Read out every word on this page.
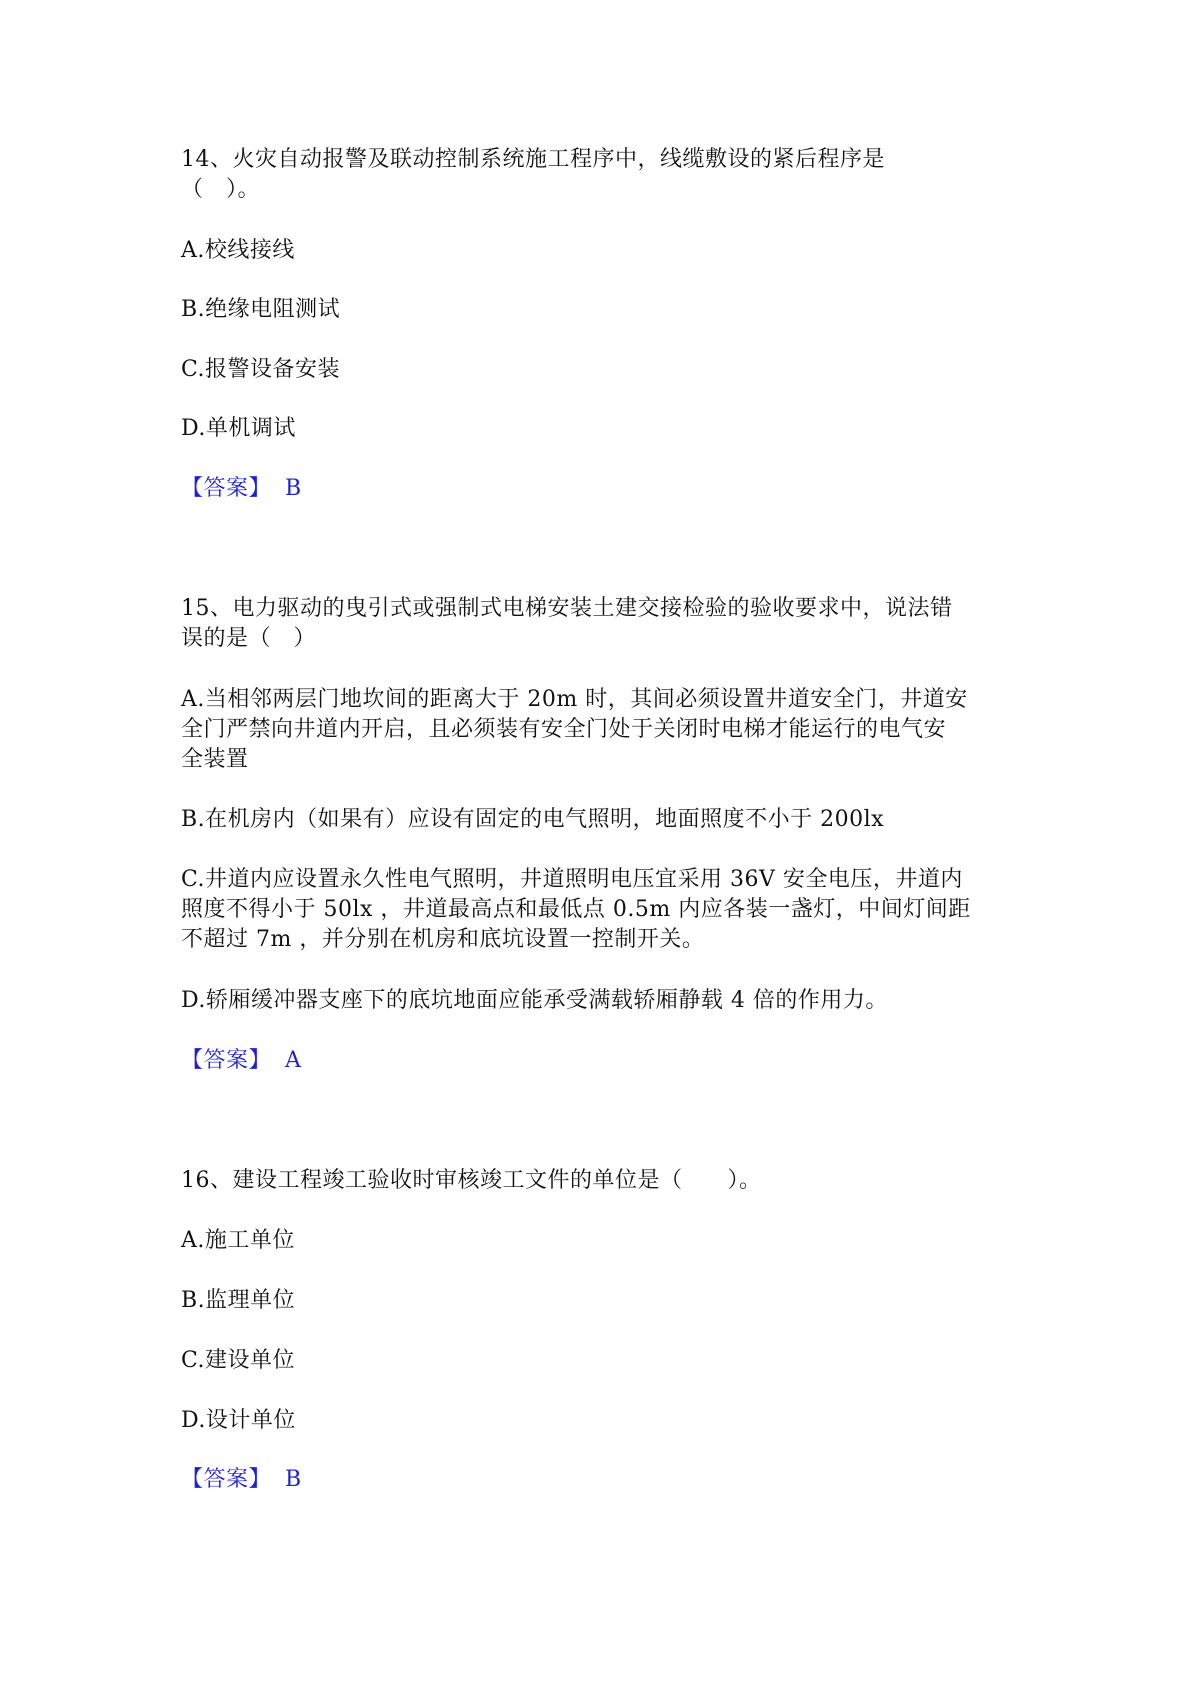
14、火灾自动报警及联动控制系统施工程序中，线缆敷设的紧后程序是

（　）。

A.校线接线

B.绝缘电阻测试

C.报警设备安装

D.单机调试

【答案】 B

15、电力驱动的曳引式或强制式电梯安装土建交接检验的验收要求中，说法错

误的是（　）

A.当相邻两层门地坎间的距离大于 20m 时，其间必须设置井道安全门，井道安

全门严禁向井道内开启，且必须装有安全门处于关闭时电梯才能运行的电气安

全装置

B.在机房内（如果有）应设有固定的电气照明，地面照度不小于 200lx

C.井道内应设置永久性电气照明，井道照明电压宜采用 36V 安全电压，井道内

照度不得小于 50lx ，井道最高点和最低点 0.5m 内应各装一盏灯，中间灯间距

不超过 7m ，并分别在机房和底坑设置一控制开关。

D.轿厢缓冲器支座下的底坑地面应能承受满载轿厢静载 4 倍的作用力。

【答案】 A

16、建设工程竣工验收时审核竣工文件的单位是（　　）。

A.施工单位

B.监理单位

C.建设单位

D.设计单位

【答案】 B
